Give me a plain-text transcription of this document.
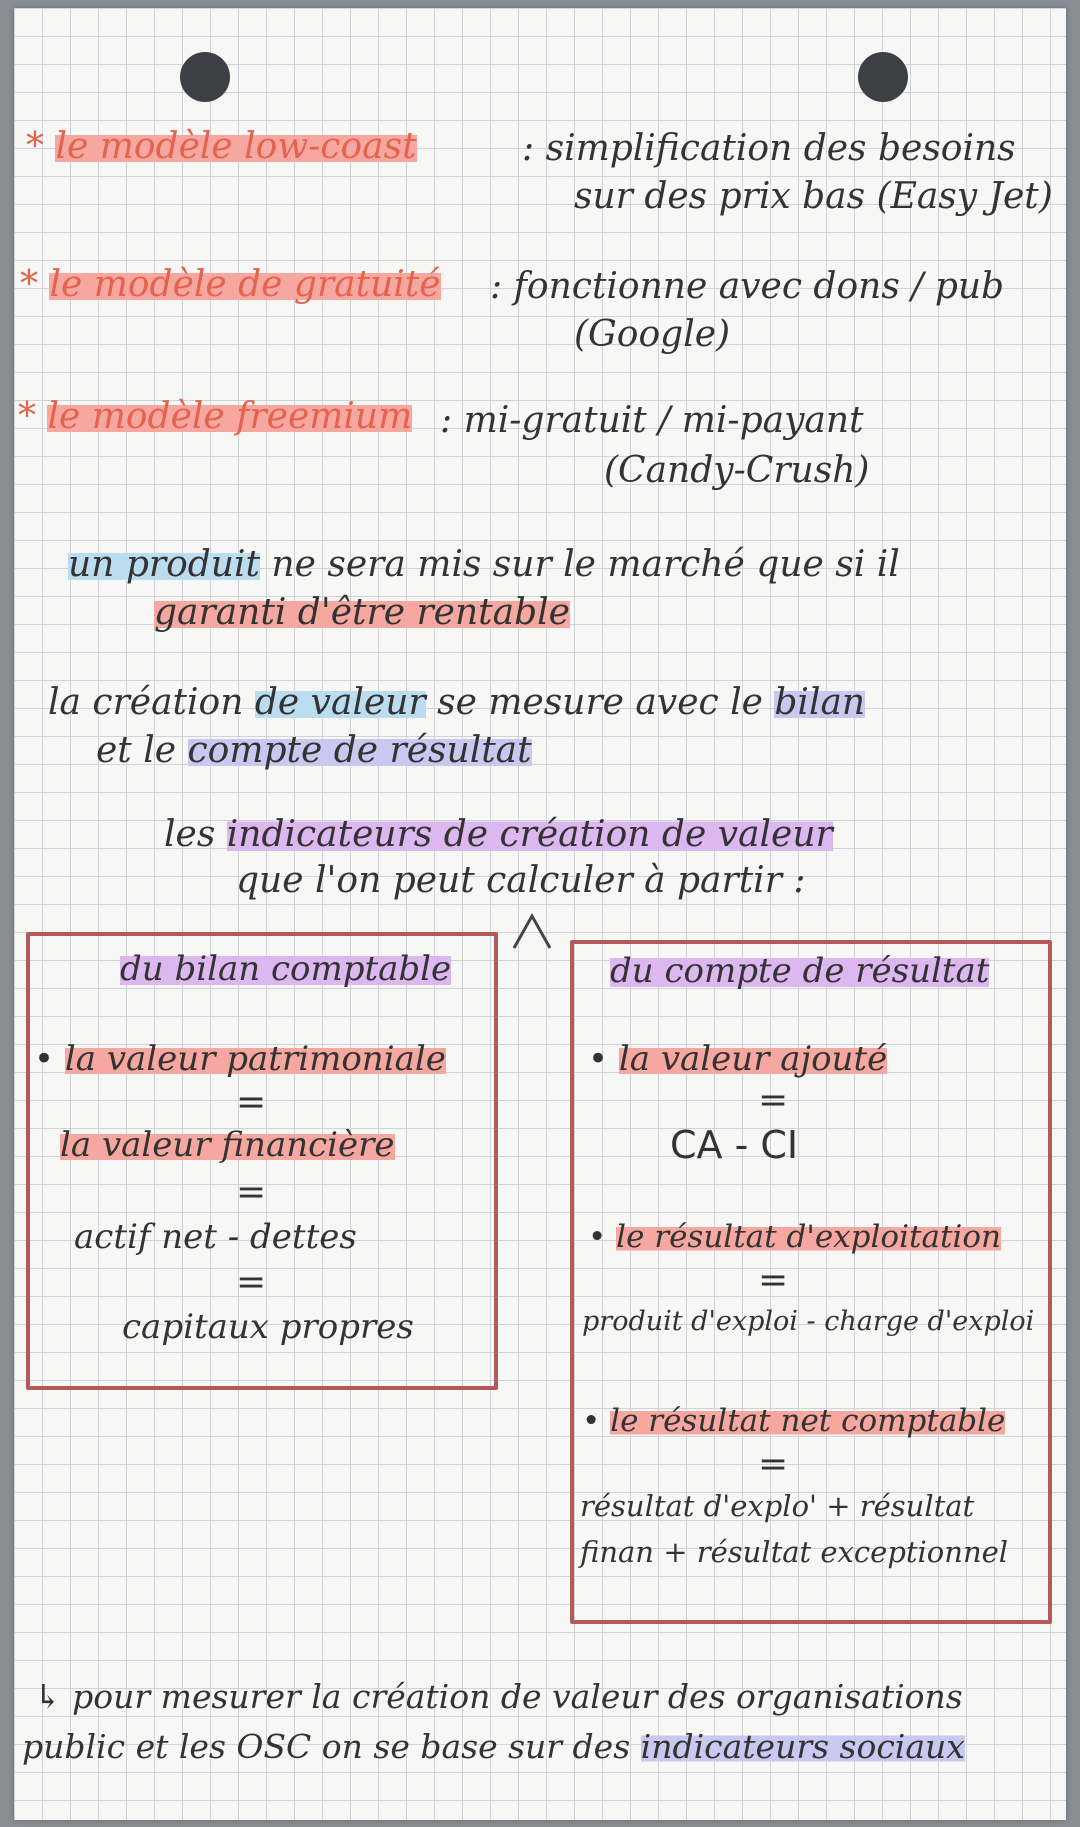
* le modèle low-coast	: simplification des besoins
sur des prix bas (Easy Jet)
* le modèle de gratuité : fonctionne avec dons / pub
(Google)
* le modèle freemium : mi-gratuit / mi-payant
(Candy-Crush)
un produit ne sera mis sur le marché que si il
garanti d'être rentable
la création de valeur se mesure avec le bilan
et le compte de résultat
les indicateurs de création de valeur
que l'on peut calculer à partir :
du bilan comptable
• la valeur patrimoniale
=
la valeur financière
=
actif net - dettes
=
capitaux propres
du compte de résultat
• la valeur ajouté
=
CA - CI
• le résultat d'exploitation
=
produit d'exploi - charge d'exploi
• le résultat net comptable
=
résultat d'explo' + résultat
finan + résultat exceptionnel
↳ pour mesurer la création de valeur des organisations
public et les OSC on se base sur des indicateurs sociaux
